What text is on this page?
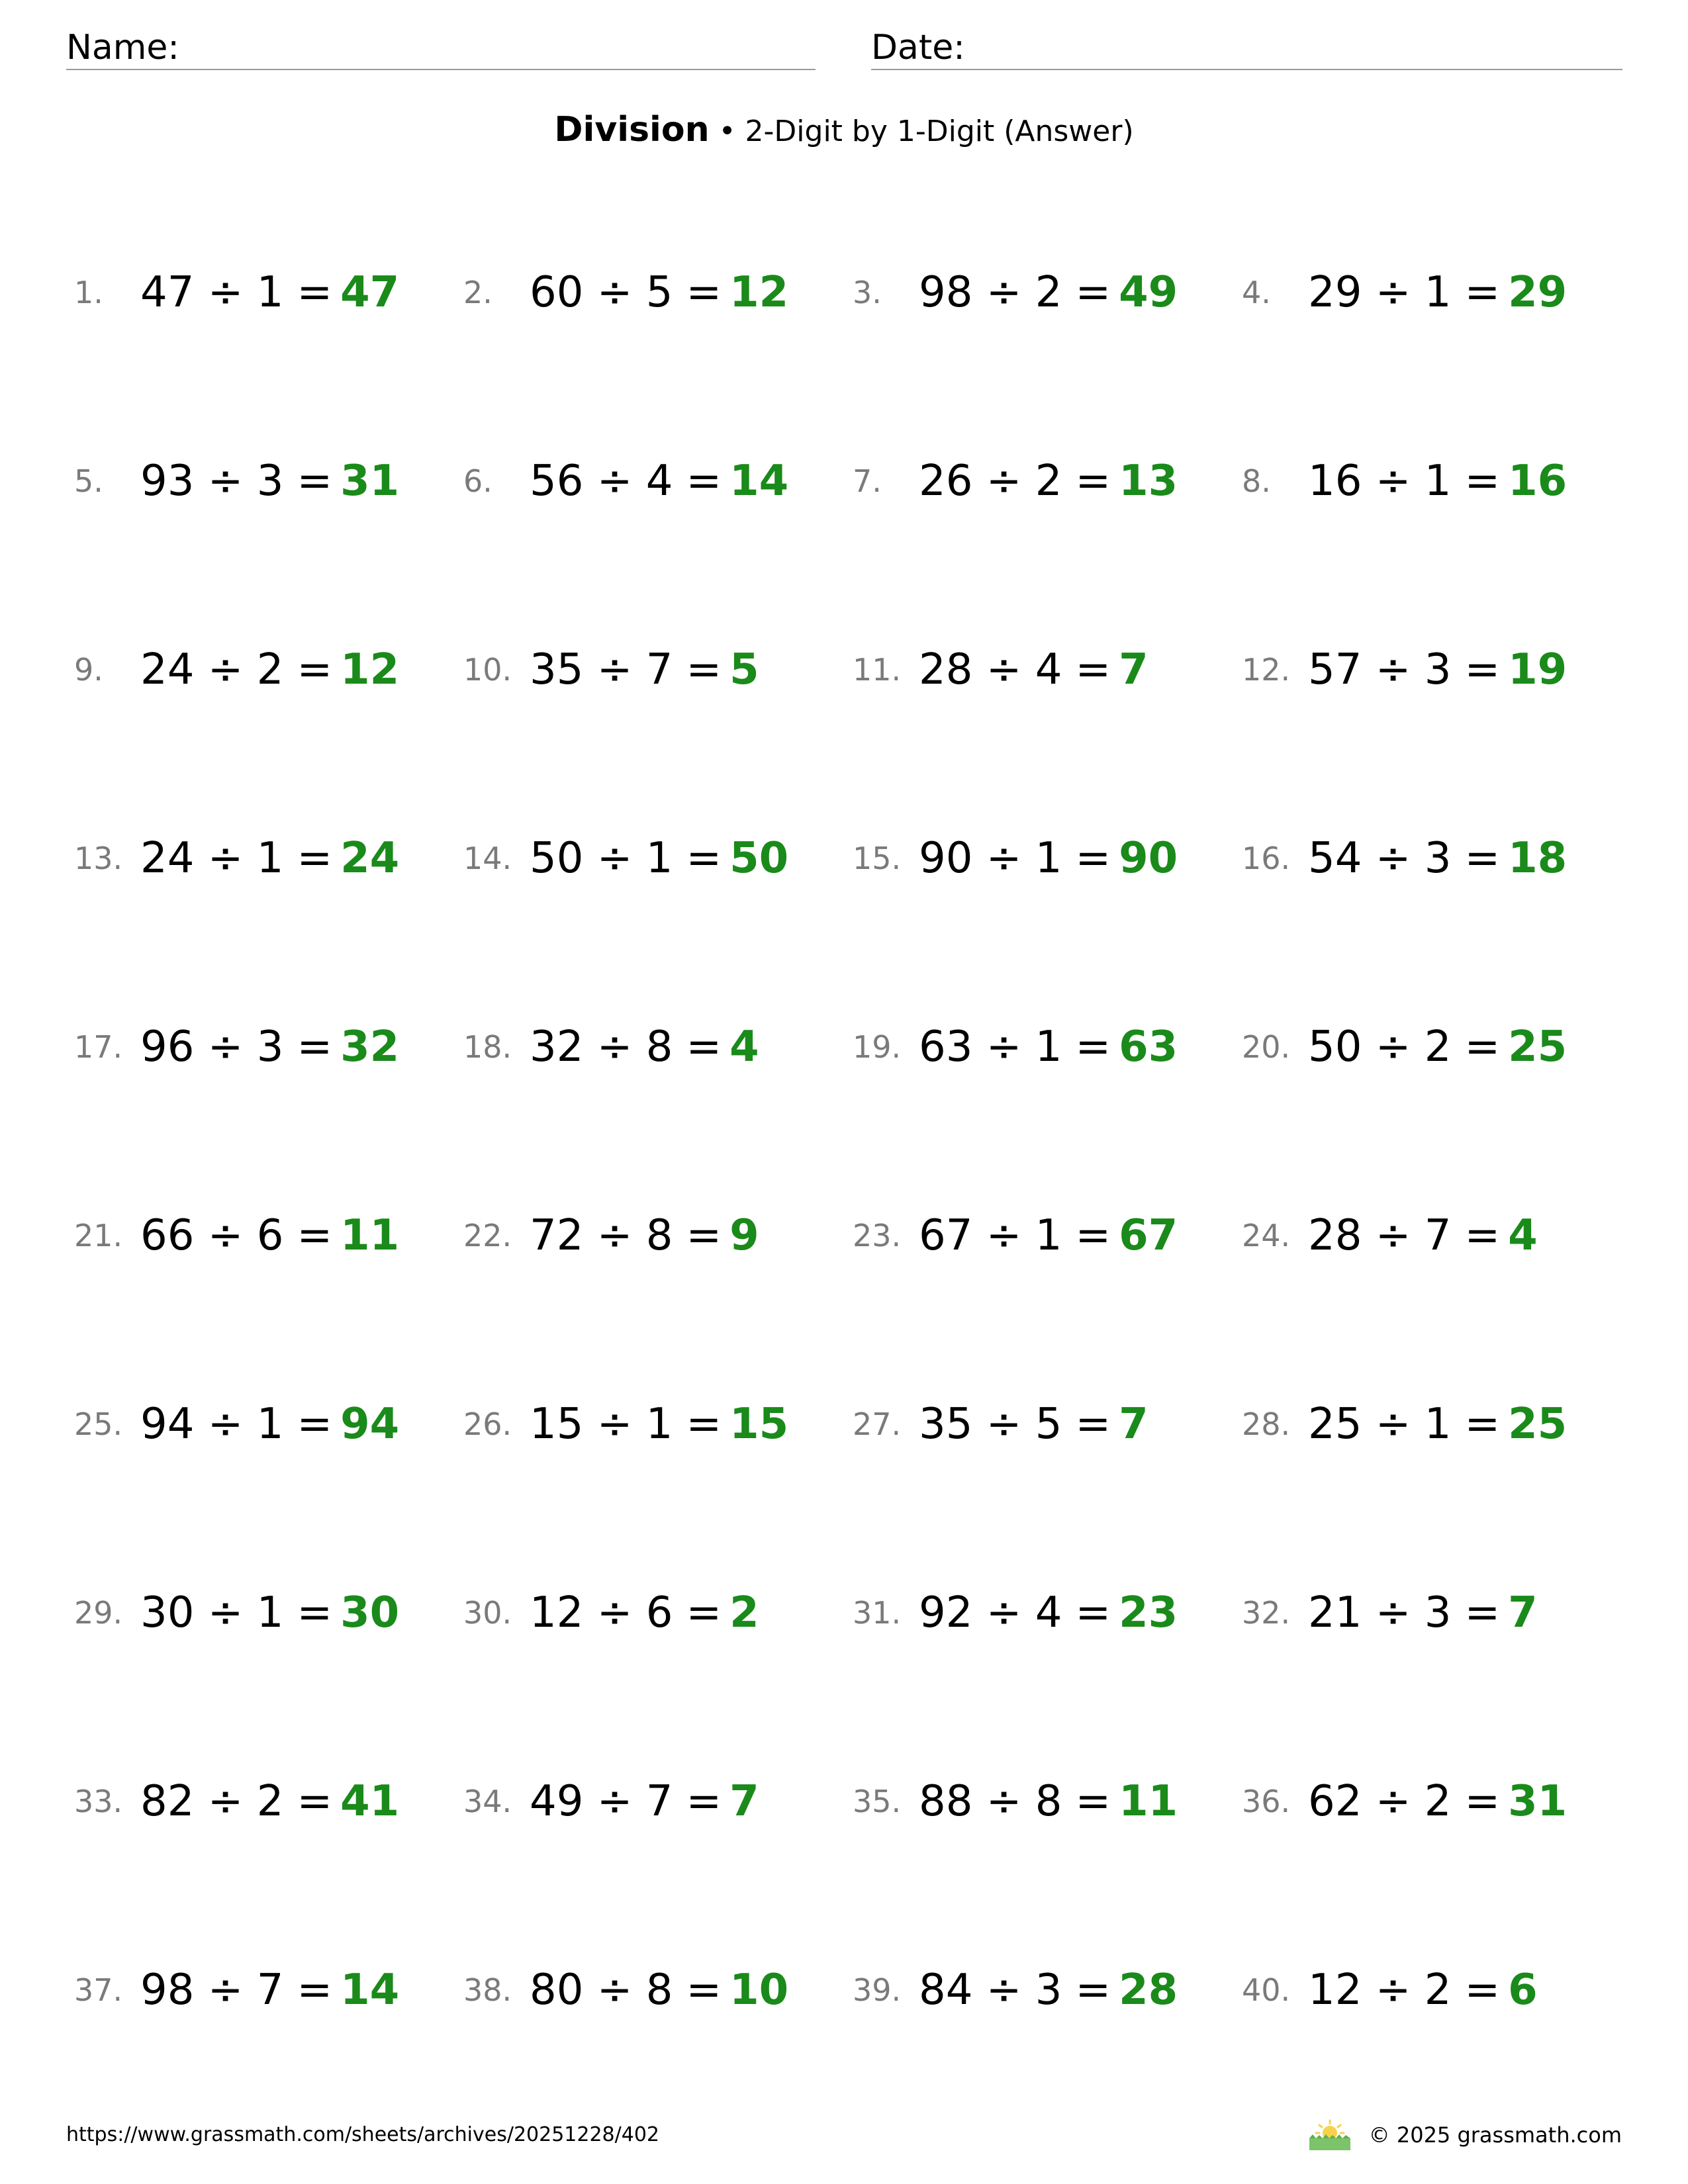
Name:	Date:
Division • 2-Digit by 1-Digit (Answer)
1. 47 ÷ 1 = 47 2. 60 ÷ 5 = 12 3. 98 ÷ 2 = 49 4. 29 ÷ 1 = 29
5. 93 ÷ 3 = 31 6. 56 ÷ 4 = 14 7. 26 ÷ 2 = 13 8. 16 ÷ 1 = 16
9. 24 ÷ 2 = 12 10. 35 ÷ 7 = 5	11. 28 ÷ 4 = 7	12. 57 ÷ 3 = 19
13. 24 ÷ 1 = 24 14. 50 ÷ 1 = 50 15. 90 ÷ 1 = 90 16. 54 ÷ 3 = 18
17. 96 ÷ 3 = 32 18. 32 ÷ 8 = 4	19. 63 ÷ 1 = 63 20. 50 ÷ 2 = 25
21. 66 ÷ 6 = 11 22. 72 ÷ 8 = 9	23. 67 ÷ 1 = 67 24. 28 ÷ 7 = 4
25. 94 ÷ 1 = 94 26. 15 ÷ 1 = 15 27. 35 ÷ 5 = 7	28. 25 ÷ 1 = 25
29. 30 ÷ 1 = 30 30. 12 ÷ 6 = 2	31. 92 ÷ 4 = 23 32. 21 ÷ 3 = 7
33. 82 ÷ 2 = 41 34. 49 ÷ 7 = 7	35. 88 ÷ 8 = 11 36. 62 ÷ 2 = 31
37. 98 ÷ 7 = 14 38. 80 ÷ 8 = 10 39. 84 ÷ 3 = 28 40. 12 ÷ 2 = 6
https://www.grassmath.com/sheets/archives/20251228/402	© 2025 grassmath.com
